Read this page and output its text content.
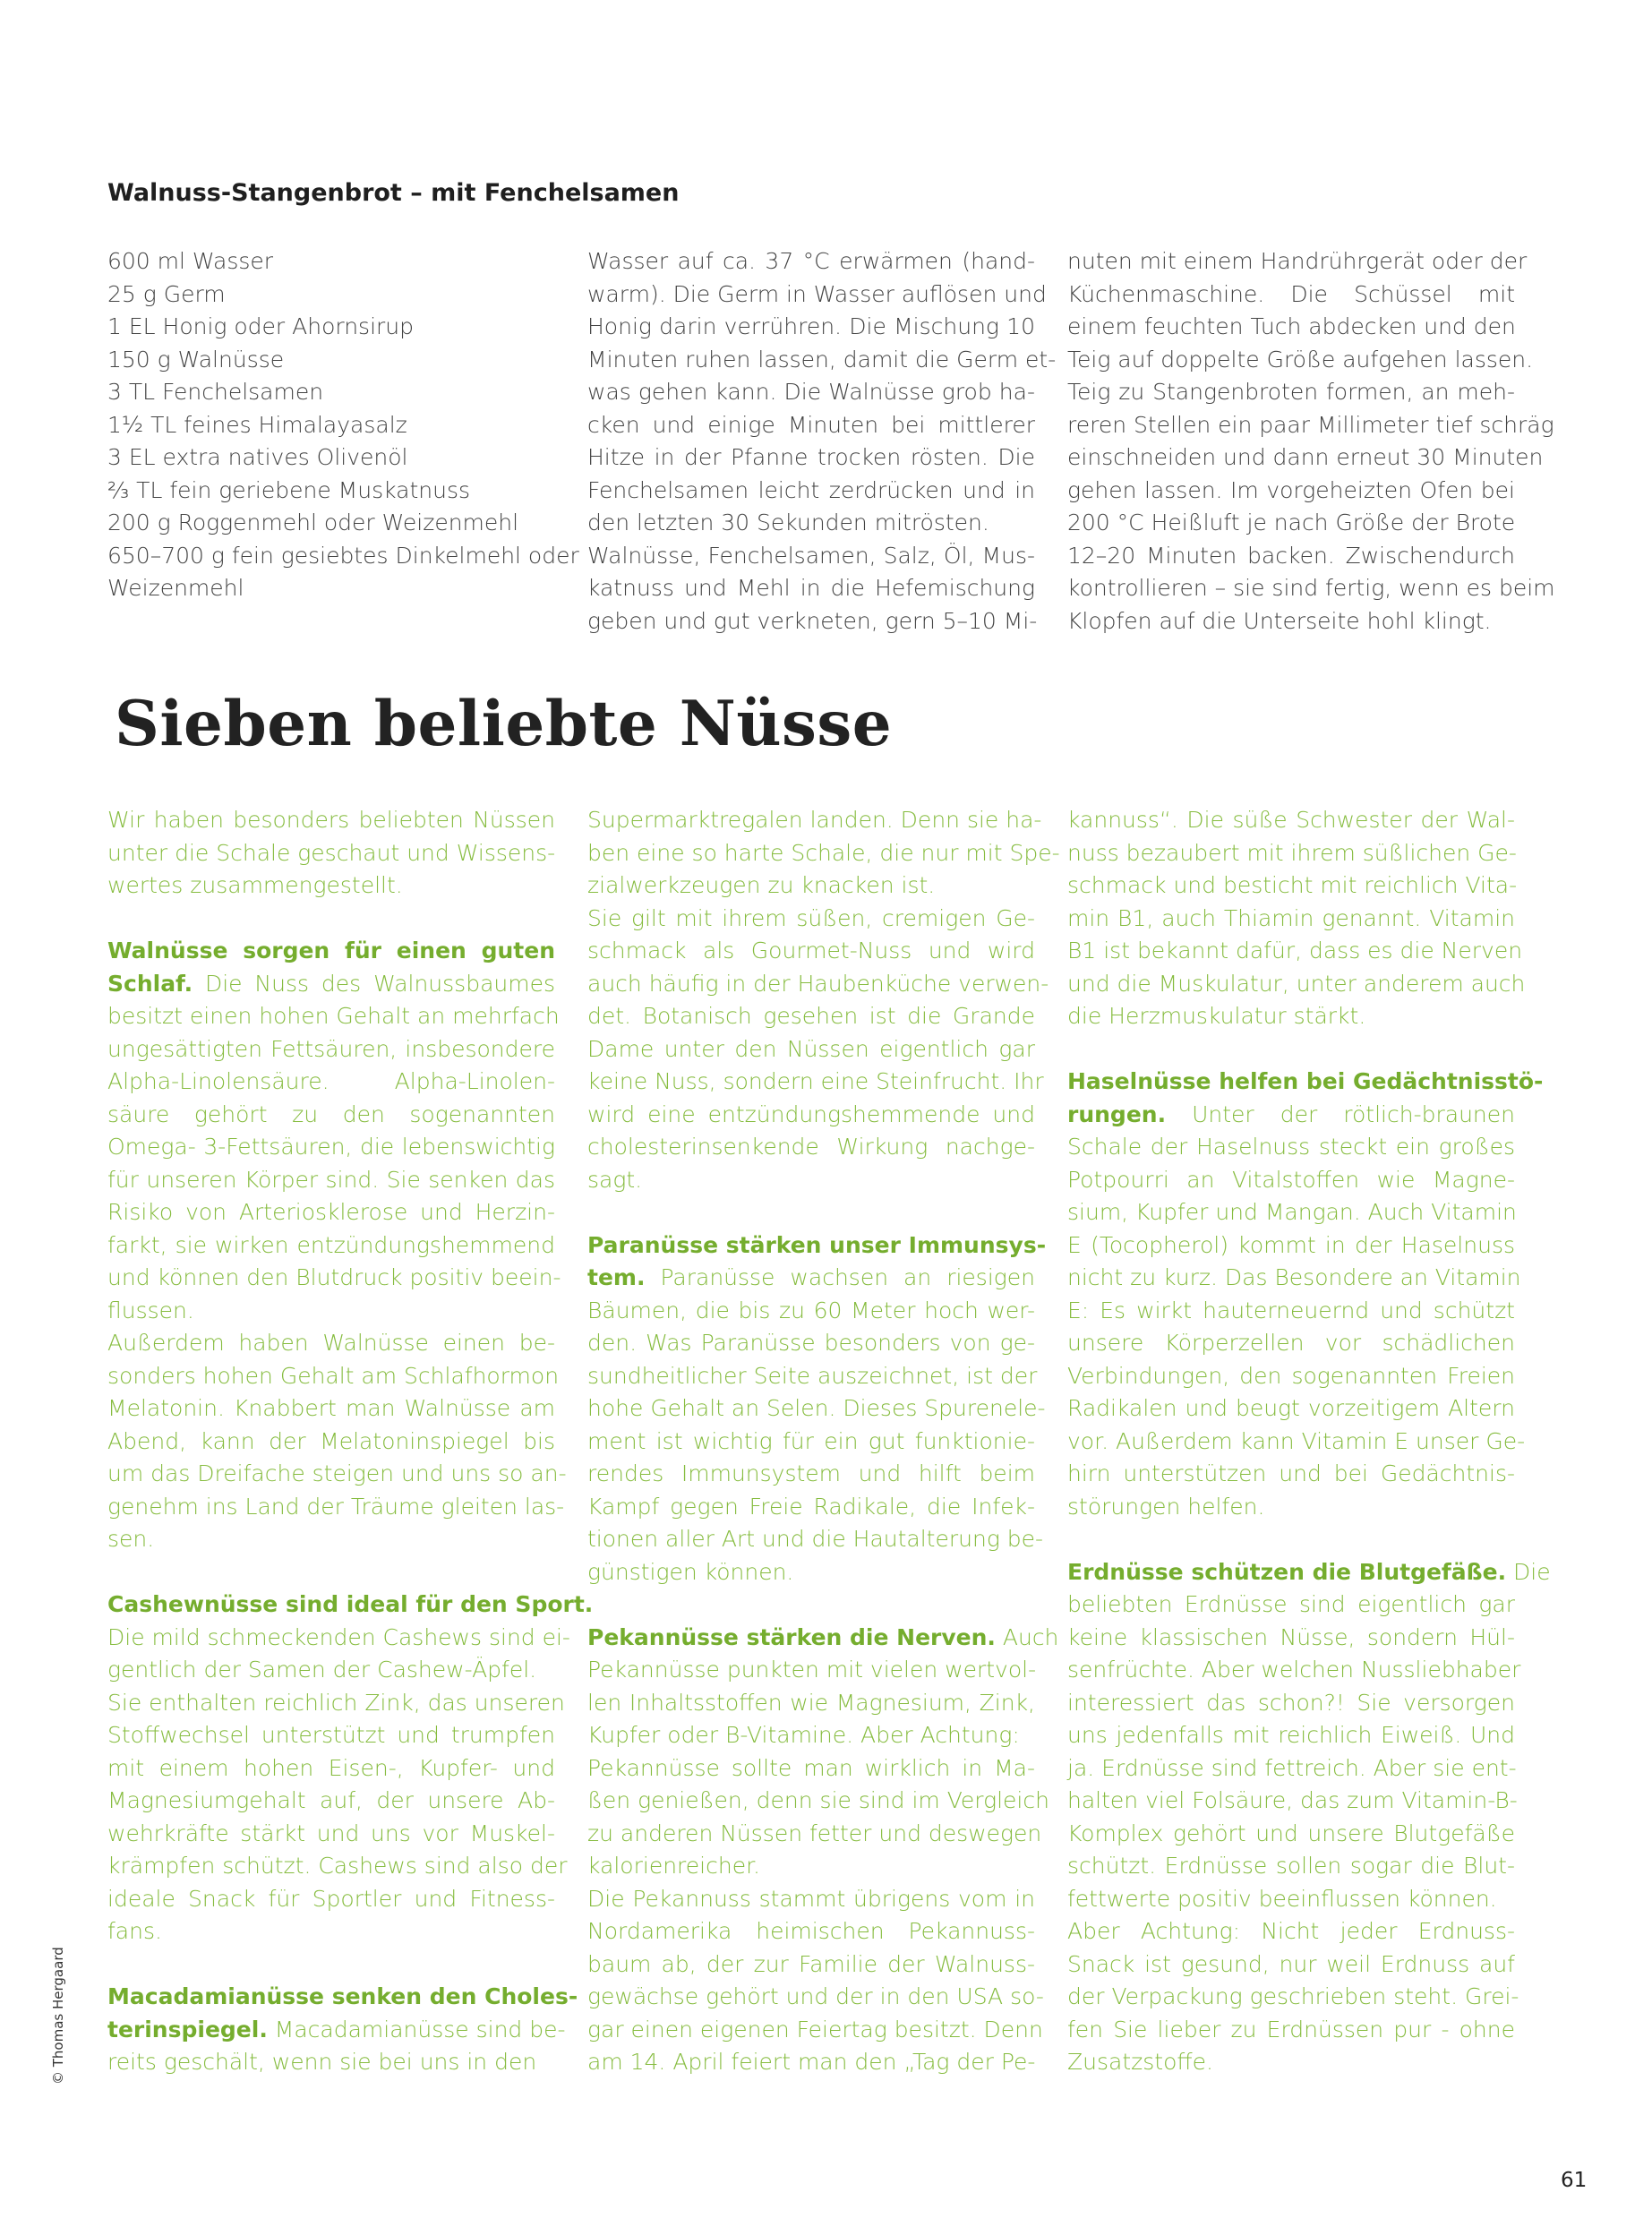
Walnuss-Stangenbrot – mit Fenchelsamen
600 ml Wasser
25 g Germ
1 EL Honig oder Ahornsirup
150 g Walnüsse
3 TL Fenchelsamen
1½ TL feines Himalayasalz
3 EL extra natives Olivenöl
⅔ TL fein geriebene Muskatnuss
200 g Roggenmehl oder Weizenmehl
650–700 g fein gesiebtes Dinkelmehl oder
Weizenmehl
Wasser auf ca. 37 °C erwärmen (hand-
warm). Die Germ in Wasser auflösen und
Honig darin verrühren. Die Mischung 10
Minuten ruhen lassen, damit die Germ et-
was gehen kann. Die Walnüsse grob ha-
cken und einige Minuten bei mittlerer
Hitze in der Pfanne trocken rösten. Die
Fenchelsamen leicht zerdrücken und in
den letzten 30 Sekunden mitrösten.
Walnüsse, Fenchelsamen, Salz, Öl, Mus-
katnuss und Mehl in die Hefemischung
geben und gut verkneten, gern 5–10 Mi-
nuten mit einem Handrührgerät oder der
Küchenmaschine. Die Schüssel mit
einem feuchten Tuch abdecken und den
Teig auf doppelte Größe aufgehen lassen.
Teig zu Stangenbroten formen, an meh-
reren Stellen ein paar Millimeter tief schräg
einschneiden und dann erneut 30 Minuten
gehen lassen. Im vorgeheizten Ofen bei
200 °C Heißluft je nach Größe der Brote
12–20 Minuten backen. Zwischendurch
kontrollieren – sie sind fertig, wenn es beim
Klopfen auf die Unterseite hohl klingt.
Sieben beliebte Nüsse
Wir haben besonders beliebten Nüssen
unter die Schale geschaut und Wissens-
wertes zusammengestellt.
Walnüsse sorgen für einen guten
Schlaf. Die Nuss des Walnussbaumes
besitzt einen hohen Gehalt an mehrfach
ungesättigten Fettsäuren, insbesondere
Alpha-Linolensäure. Alpha-Linolen-
säure gehört zu den sogenannten
Omega- 3-Fettsäuren, die lebenswichtig
für unseren Körper sind. Sie senken das
Risiko von Arteriosklerose und Herzin-
farkt, sie wirken entzündungshemmend
und können den Blutdruck positiv beein-
flussen.
Außerdem haben Walnüsse einen be-
sonders hohen Gehalt am Schlafhormon
Melatonin. Knabbert man Walnüsse am
Abend, kann der Melatoninspiegel bis
um das Dreifache steigen und uns so an-
genehm ins Land der Träume gleiten las-
sen.
Cashewnüsse sind ideal für den Sport.
Die mild schmeckenden Cashews sind ei-
gentlich der Samen der Cashew-Äpfel.
Sie enthalten reichlich Zink, das unseren
Stoffwechsel unterstützt und trumpfen
mit einem hohen Eisen-, Kupfer- und
Magnesiumgehalt auf, der unsere Ab-
wehrkräfte stärkt und uns vor Muskel-
krämpfen schützt. Cashews sind also der
ideale Snack für Sportler und Fitness-
fans.
Macadamianüsse senken den Choles-
terinspiegel. Macadamianüsse sind be-
reits geschält, wenn sie bei uns in den
Supermarktregalen landen. Denn sie ha-
ben eine so harte Schale, die nur mit Spe-
zialwerkzeugen zu knacken ist.
Sie gilt mit ihrem süßen, cremigen Ge-
schmack als Gourmet-Nuss und wird
auch häufig in der Haubenküche verwen-
det. Botanisch gesehen ist die Grande
Dame unter den Nüssen eigentlich gar
keine Nuss, sondern eine Steinfrucht. Ihr
wird eine entzündungshemmende und
cholesterinsenkende Wirkung nachge-
sagt.
Paranüsse stärken unser Immunsys-
tem. Paranüsse wachsen an riesigen
Bäumen, die bis zu 60 Meter hoch wer-
den. Was Paranüsse besonders von ge-
sundheitlicher Seite auszeichnet, ist der
hohe Gehalt an Selen. Dieses Spurenele-
ment ist wichtig für ein gut funktionie-
rendes Immunsystem und hilft beim
Kampf gegen Freie Radikale, die Infek-
tionen aller Art und die Hautalterung be-
günstigen können.
Pekannüsse stärken die Nerven. Auch
Pekannüsse punkten mit vielen wertvol-
len Inhaltsstoffen wie Magnesium, Zink,
Kupfer oder B-Vitamine. Aber Achtung:
Pekannüsse sollte man wirklich in Ma-
ßen genießen, denn sie sind im Vergleich
zu anderen Nüssen fetter und deswegen
kalorienreicher.
Die Pekannuss stammt übrigens vom in
Nordamerika heimischen Pekannuss-
baum ab, der zur Familie der Walnuss-
gewächse gehört und der in den USA so-
gar einen eigenen Feiertag besitzt. Denn
am 14. April feiert man den „Tag der Pe-
kannuss“. Die süße Schwester der Wal-
nuss bezaubert mit ihrem süßlichen Ge-
schmack und besticht mit reichlich Vita-
min B1, auch Thiamin genannt. Vitamin
B1 ist bekannt dafür, dass es die Nerven
und die Muskulatur, unter anderem auch
die Herzmuskulatur stärkt.
Haselnüsse helfen bei Gedächtnisstö-
rungen. Unter der rötlich-braunen
Schale der Haselnuss steckt ein großes
Potpourri an Vitalstoffen wie Magne-
sium, Kupfer und Mangan. Auch Vitamin
E (Tocopherol) kommt in der Haselnuss
nicht zu kurz. Das Besondere an Vitamin
E: Es wirkt hauterneuernd und schützt
unsere Körperzellen vor schädlichen
Verbindungen, den sogenannten Freien
Radikalen und beugt vorzeitigem Altern
vor. Außerdem kann Vitamin E unser Ge-
hirn unterstützen und bei Gedächtnis-
störungen helfen.
Erdnüsse schützen die Blutgefäße. Die
beliebten Erdnüsse sind eigentlich gar
keine klassischen Nüsse, sondern Hül-
senfrüchte. Aber welchen Nussliebhaber
interessiert das schon?! Sie versorgen
uns jedenfalls mit reichlich Eiweiß. Und
ja. Erdnüsse sind fettreich. Aber sie ent-
halten viel Folsäure, das zum Vitamin-B-
Komplex gehört und unsere Blutgefäße
schützt. Erdnüsse sollen sogar die Blut-
fettwerte positiv beeinflussen können.
Aber Achtung: Nicht jeder Erdnuss-
Snack ist gesund, nur weil Erdnuss auf
der Verpackung geschrieben steht. Grei-
fen Sie lieber zu Erdnüssen pur - ohne
Zusatzstoffe.
© Thomas Hergaard
61
